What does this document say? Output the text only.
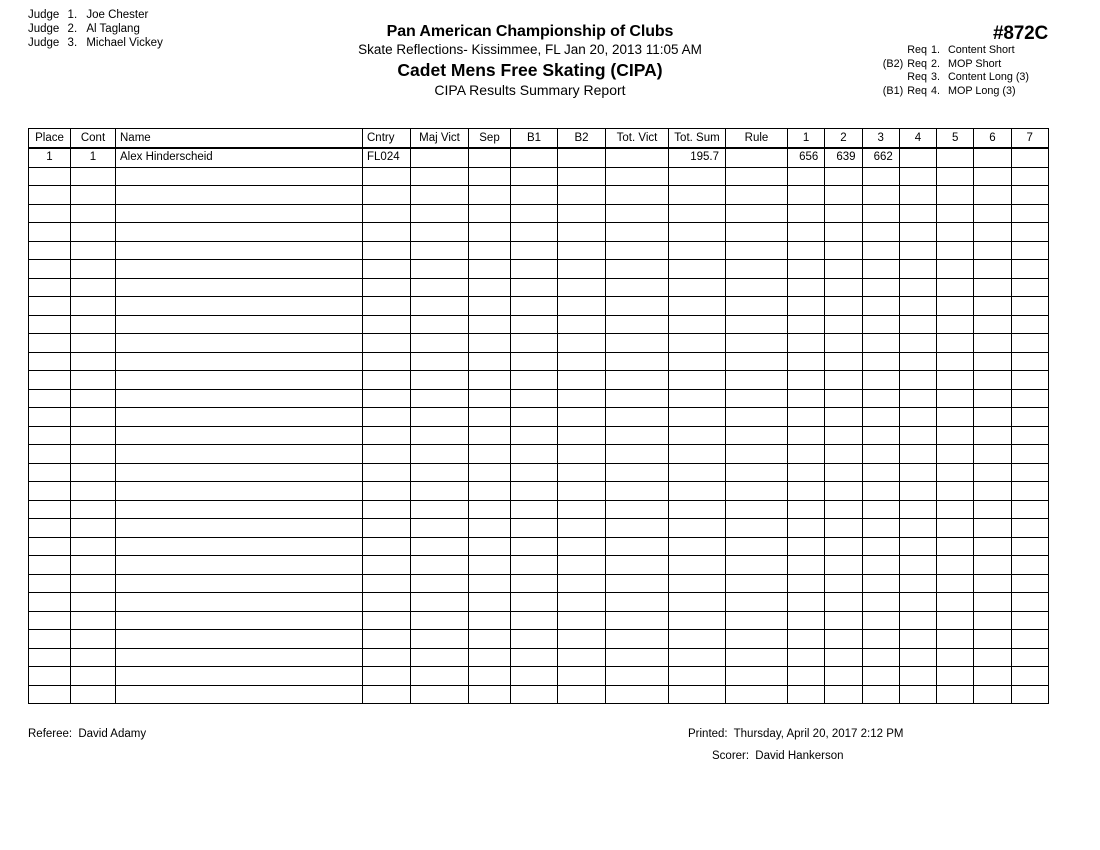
Judge 1. Joe Chester
Judge 2. Al Taglang
Judge 3. Michael Vickey
Pan American Championship of Clubs
Skate Reflections- Kissimmee, FL Jan 20, 2013 11:05 AM
Cadet Mens Free Skating (CIPA)
CIPA Results Summary Report
#872C
Req 1. Content Short
(B2) Req 2. MOP Short
Req 3. Content Long (3)
(B1) Req 4. MOP Long (3)
Place	Cont	Name	Cntry	Maj Vict	Sep	B1	B2	Tot. Vict	Tot. Sum	Rule	1	2	3	4	5	6	7
1	1	Alex Hinderscheid	FL024						195.7		656	639	662				

Referee: David Adamy	Printed: Thursday, April 20, 2017 2:12 PM
Scorer: David Hankerson
